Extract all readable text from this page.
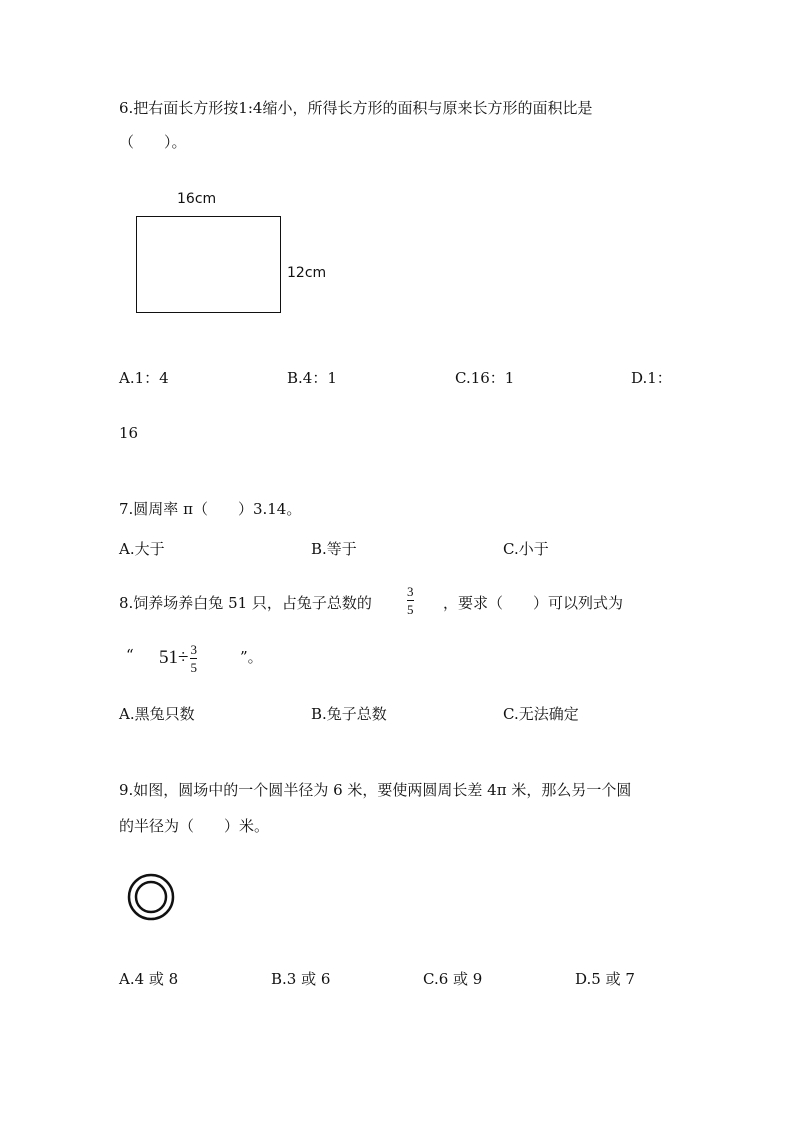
6.把右面长方形按1:4缩小，所得长方形的面积与原来长方形的面积比是
（　　）。
16cm
12cm
A.1：4	B.4：1	C.16：1	D.1：
16
7.圆周率 π（　　）3.14。
A.大于	B.等于	C.小于
8.饲养场养白兔 51 只，占兔子总数的	$\frac{3}{5}$ ，要求（　　）可以列式为
“ $51\div \frac{3}{5}$	”。
A.黑兔只数	B.兔子总数	C.无法确定
9.如图，圆场中的一个圆半径为 6 米，要使两圆周长差 4π 米，那么另一个圆
的半径为（　　）米。
A.4 或 8	B.3 或 6	C.6 或 9	D.5 或 7
